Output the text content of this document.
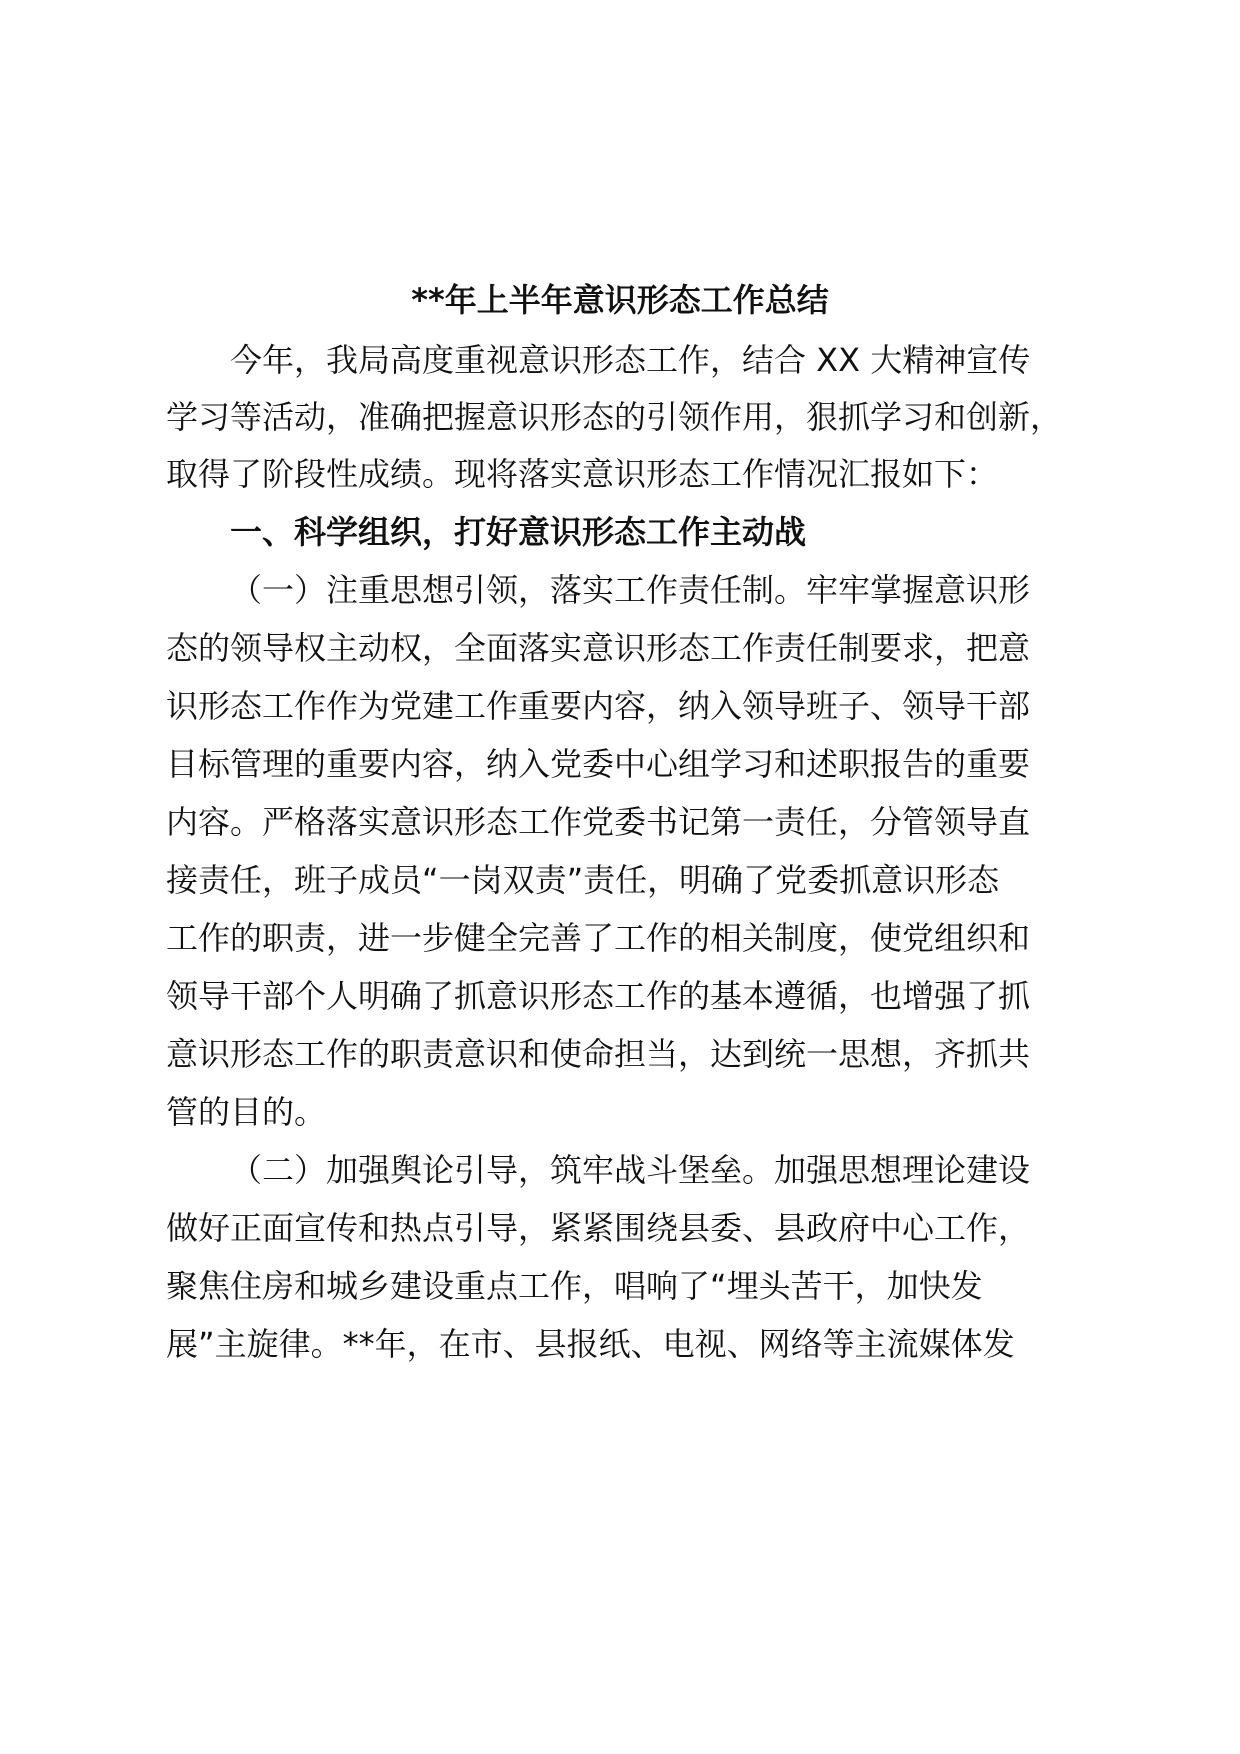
**年上半年意识形态工作总结

今年，我局高度重视意识形态工作，结合 XX 大精神宣传

学习等活动，准确把握意识形态的引领作用，狠抓学习和创新，

取得了阶段性成绩。现将落实意识形态工作情况汇报如下：

一、科学组织，打好意识形态工作主动战

（一）注重思想引领，落实工作责任制。牢牢掌握意识形

态的领导权主动权，全面落实意识形态工作责任制要求，把意

识形态工作作为党建工作重要内容，纳入领导班子、领导干部

目标管理的重要内容，纳入党委中心组学习和述职报告的重要

内容。严格落实意识形态工作党委书记第一责任，分管领导直

接责任，班子成员“一岗双责”责任，明确了党委抓意识形态

工作的职责，进一步健全完善了工作的相关制度，使党组织和

领导干部个人明确了抓意识形态工作的基本遵循，也增强了抓

意识形态工作的职责意识和使命担当，达到统一思想，齐抓共

管的目的。

（二）加强舆论引导，筑牢战斗堡垒。加强思想理论建设

做好正面宣传和热点引导，紧紧围绕县委、县政府中心工作，

聚焦住房和城乡建设重点工作，唱响了“埋头苦干，加快发

展”主旋律。**年，在市、县报纸、电视、网络等主流媒体发
